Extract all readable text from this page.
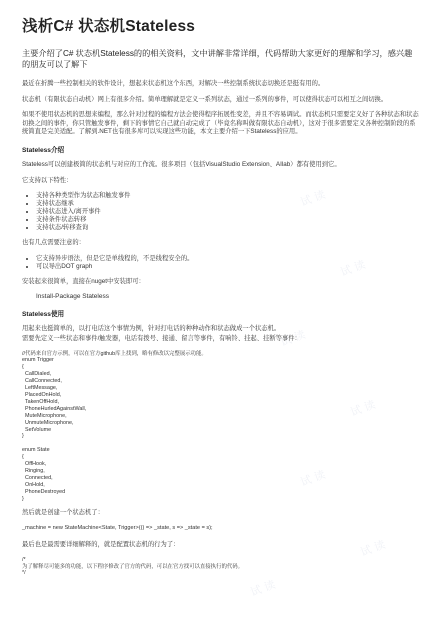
试 读
试 读
试 读
试 读
试 读
试 读
试 读
浅析C# 状态机Stateless
主要介绍了C# 状态机Stateless的的相关资料，文中讲解非常详细，代码帮助大家更好的理解和学习，感兴趣的朋友可以了解下

最近在折腾一些控制相关的软件设计，想起来状态机这个东西，对解决一些控制系统状态切换还是挺有用的。

状态机（有限状态自动机）网上有很多介绍。简单理解就是定义一系列状态，通过一系列的事件，可以使得状态可以相互之间切换。

如果不使用状态机的思想来编程，那么针对过程的编程方法会使得程序拓展性变差，并且不容易调试。而状态机只需要定义好了各种状态和状态切换之间的事件，你只管触发事件，剩下的事情它自己就自动完成了（毕竟名称叫做有限状态自动机），这对于很多需要定义各种控制阶段的系统简直是完美适配。了解到.NET也有很多库可以实现这些功能，本文主要介绍一下Stateless的应用。

Stateless介绍

Stateless可以创建极简的状态机与对应的工作流。很多项目（包括VisualStudio Extension、AIlab）都有使用到它。

它支持以下特性：

• 支持各种类型作为状态和触发事件
• 支持状态继承
• 支持状态进入/离开事件
• 支持条件状态转移
• 支持状态/转移查询

也有几点需要注意的：

• 它支持异步语法，但是它是单线程的，不是线程安全的。
• 可以导出DOT graph

安装起来很简单，直接在nuget中安装即可：

Install-Package Stateless
Stateless使用

用起来也挺简单的，以打电话这个事情为例，针对打电话的种种动作和状态做成一个状态机。

需要先定义一些状态和事件/触发器，电话有拨号、接通、留言等事件，有响铃、挂起、挂断等事件：

//代码来自官方示例，可以在官方github库上找到，略有修改以完整展示功能。
enum Trigger
{
CallDialed,
CallConnected,
LeftMessage,
PlacedOnHold,
TakenOffHold,
PhoneHurledAgainstWall,
MuteMicrophone,
UnmuteMicrophone,
SetVolume
}

enum State
{
OffHook,
Ringing,
Connected,
OnHold,
PhoneDestroyed
}

然后就是创建一个状态机了：

_machine = new StateMachine<State, Trigger>(() => _state, s => _state = s);

最后也是最需要详细解释的，就是配置状态机的行为了：

/*
为了解释尽可能多的功能，以下程序修改了官方的代码，可以在官方找可以直接执行的代码。
*/
